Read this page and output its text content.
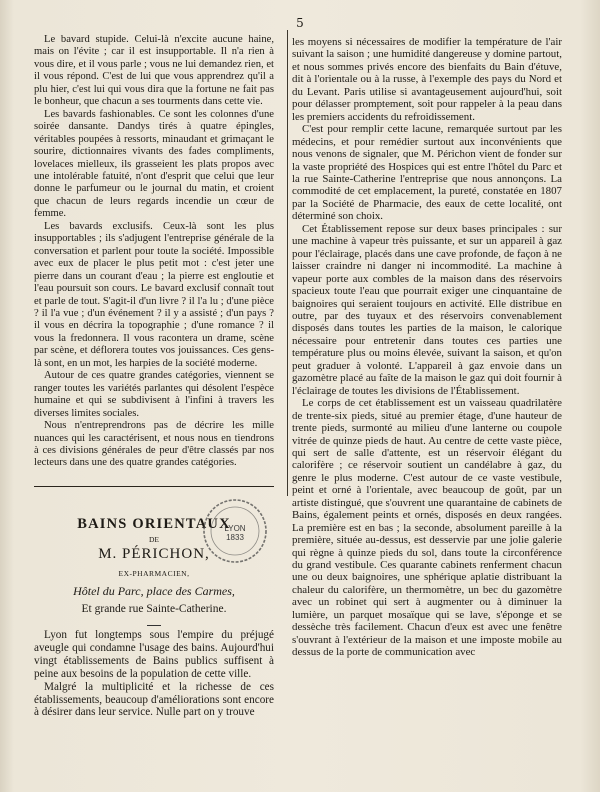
5

Le bavard stupide. Celui-là n'excite aucune haine, mais on l'évite ; car il est insupportable. Il n'a rien à vous dire, et il vous parle ; vous ne lui demandez rien, et il vous répond. C'est de lui que vous apprendrez qu'il a plu hier, c'est lui qui vous dira que la fortune ne fait pas le bonheur, que chacun a ses tourments dans cette vie.

Les bavards fashionables. Ce sont les colonnes d'une soirée dansante. Dandys tirés à quatre épingles, véritables poupées à ressorts, minaudant et grimaçant le sourire, dictionnaires vivants des fades compliments, lovelaces mielleux, ils grasseient les plats propos avec une intolérable fatuité, n'ont d'esprit que celui que leur donne le parfumeur ou le journal du matin, et croient que chacun de leurs regards incendie un cœur de femme.

Les bavards exclusifs. Ceux-là sont les plus insupportables ; ils s'adjugent l'entreprise générale de la conversation et parlent pour toute la société. Impossible avec eux de placer le plus petit mot : c'est jeter une pierre dans un courant d'eau ; la pierre est engloutie et l'eau poursuit son cours. Le bavard exclusif connaît tout et parle de tout. S'agit-il d'un livre ? il l'a lu ; d'une pièce ? il l'a vue ; d'un événement ? il y a assisté ; d'un pays ? il vous en décrira la topographie ; d'une romance ? il vous la fredonnera. Il vous racontera un drame, scène par scène, et déflorera toutes vos jouissances. Ces gens-là sont, en un mot, les harpies de la société moderne.

Autour de ces quatre grandes catégories, viennent se ranger toutes les variétés parlantes qui désolent l'espèce humaine et qui se subdivisent à l'infini à travers les diverses limites sociales.

Nous n'entreprendrons pas de décrire les mille nuances qui les caractérisent, et nous nous en tiendrons à ces divisions générales de peur d'être classés par nos lecteurs dans une des quatre grandes catégories.

BAINS ORIENTAUX
DE
M. PÉRICHON,
EX-PHARMACIEN,
Hôtel du Parc, place des Carmes,
Et grande rue Sainte-Catherine.
LYON
1833

Lyon fut longtemps sous l'empire du préjugé aveugle qui condamne l'usage des bains. Aujourd'hui vingt établissements de Bains publics suffisent à peine aux besoins de la population de cette ville.

Malgré la multiplicité et la richesse de ces établissements, beaucoup d'améliorations sont encore à désirer dans leur service. Nulle part on y trouve

les moyens si nécessaires de modifier la température de l'air suivant la saison ; une humidité dangereuse y domine partout, et nous sommes privés encore des bienfaits du Bain d'étuve, dit à l'orientale ou à la russe, à l'exemple des pays du Nord et du Levant. Paris utilise si avantageusement aujourd'hui, soit pour délasser promptement, soit pour rappeler à la peau dans les premiers accidents du refroidissement.

C'est pour remplir cette lacune, remarquée surtout par les médecins, et pour remédier surtout aux inconvénients que nous venons de signaler, que M. Périchon vient de fonder sur la vaste propriété des Hospices qui est entre l'hôtel du Parc et la rue Sainte-Catherine l'entreprise que nous annonçons. La commodité de cet emplacement, la pureté, constatée en 1807 par la Société de Pharmacie, des eaux de cette localité, ont déterminé son choix.

Cet Établissement repose sur deux bases principales : sur une machine à vapeur très puissante, et sur un appareil à gaz pour l'éclairage, placés dans une cave profonde, de façon à ne laisser craindre ni danger ni incommodité. La machine à vapeur porte aux combles de la maison dans des réservoirs spacieux toute l'eau que pourrait exiger une cinquantaine de baignoires qui seraient toujours en activité. Elle distribue en outre, par des tuyaux et des réservoirs convenablement disposés dans toutes les parties de la maison, le calorique nécessaire pour entretenir dans toutes ces parties une température plus ou moins élevée, suivant la saison, et qu'on peut graduer à volonté. L'appareil à gaz envoie dans un gazomètre placé au faîte de la maison le gaz qui doit fournir à l'éclairage de toutes les divisions de l'Établissement.

Le corps de cet établissement est un vaisseau quadrilatère de trente-six pieds, situé au premier étage, d'une hauteur de trente pieds, surmonté au milieu d'une lanterne ou coupole vitrée de quinze pieds de haut. Au centre de cette vaste pièce, qui sert de salle d'attente, est un réservoir élégant du calorifère ; ce réservoir soutient un candélabre à gaz, du genre le plus moderne. C'est autour de ce vaste vestibule, peint et orné à l'orientale, avec beaucoup de goût, par un artiste distingué, que s'ouvrent une quarantaine de cabinets de Bains, également peints et ornés, disposés en deux rangées. La première est en bas ; la seconde, absolument pareille à la première, située au-dessus, est desservie par une jolie galerie qui règne à quinze pieds du sol, dans toute la circonférence du grand vestibule. Ces quarante cabinets renferment chacun une ou deux baignoires, une sphérique aplatie distribuant la chaleur du calorifère, un thermomètre, un bec du gazomètre avec un robinet qui sert à augmenter ou à diminuer la lumière, un parquet mosaïque qui se lave, s'éponge et se dessèche très facilement. Chacun d'eux est avec une fenêtre s'ouvrant à l'extérieur de la maison et une imposte mobile au dessus de la porte de communication avec
